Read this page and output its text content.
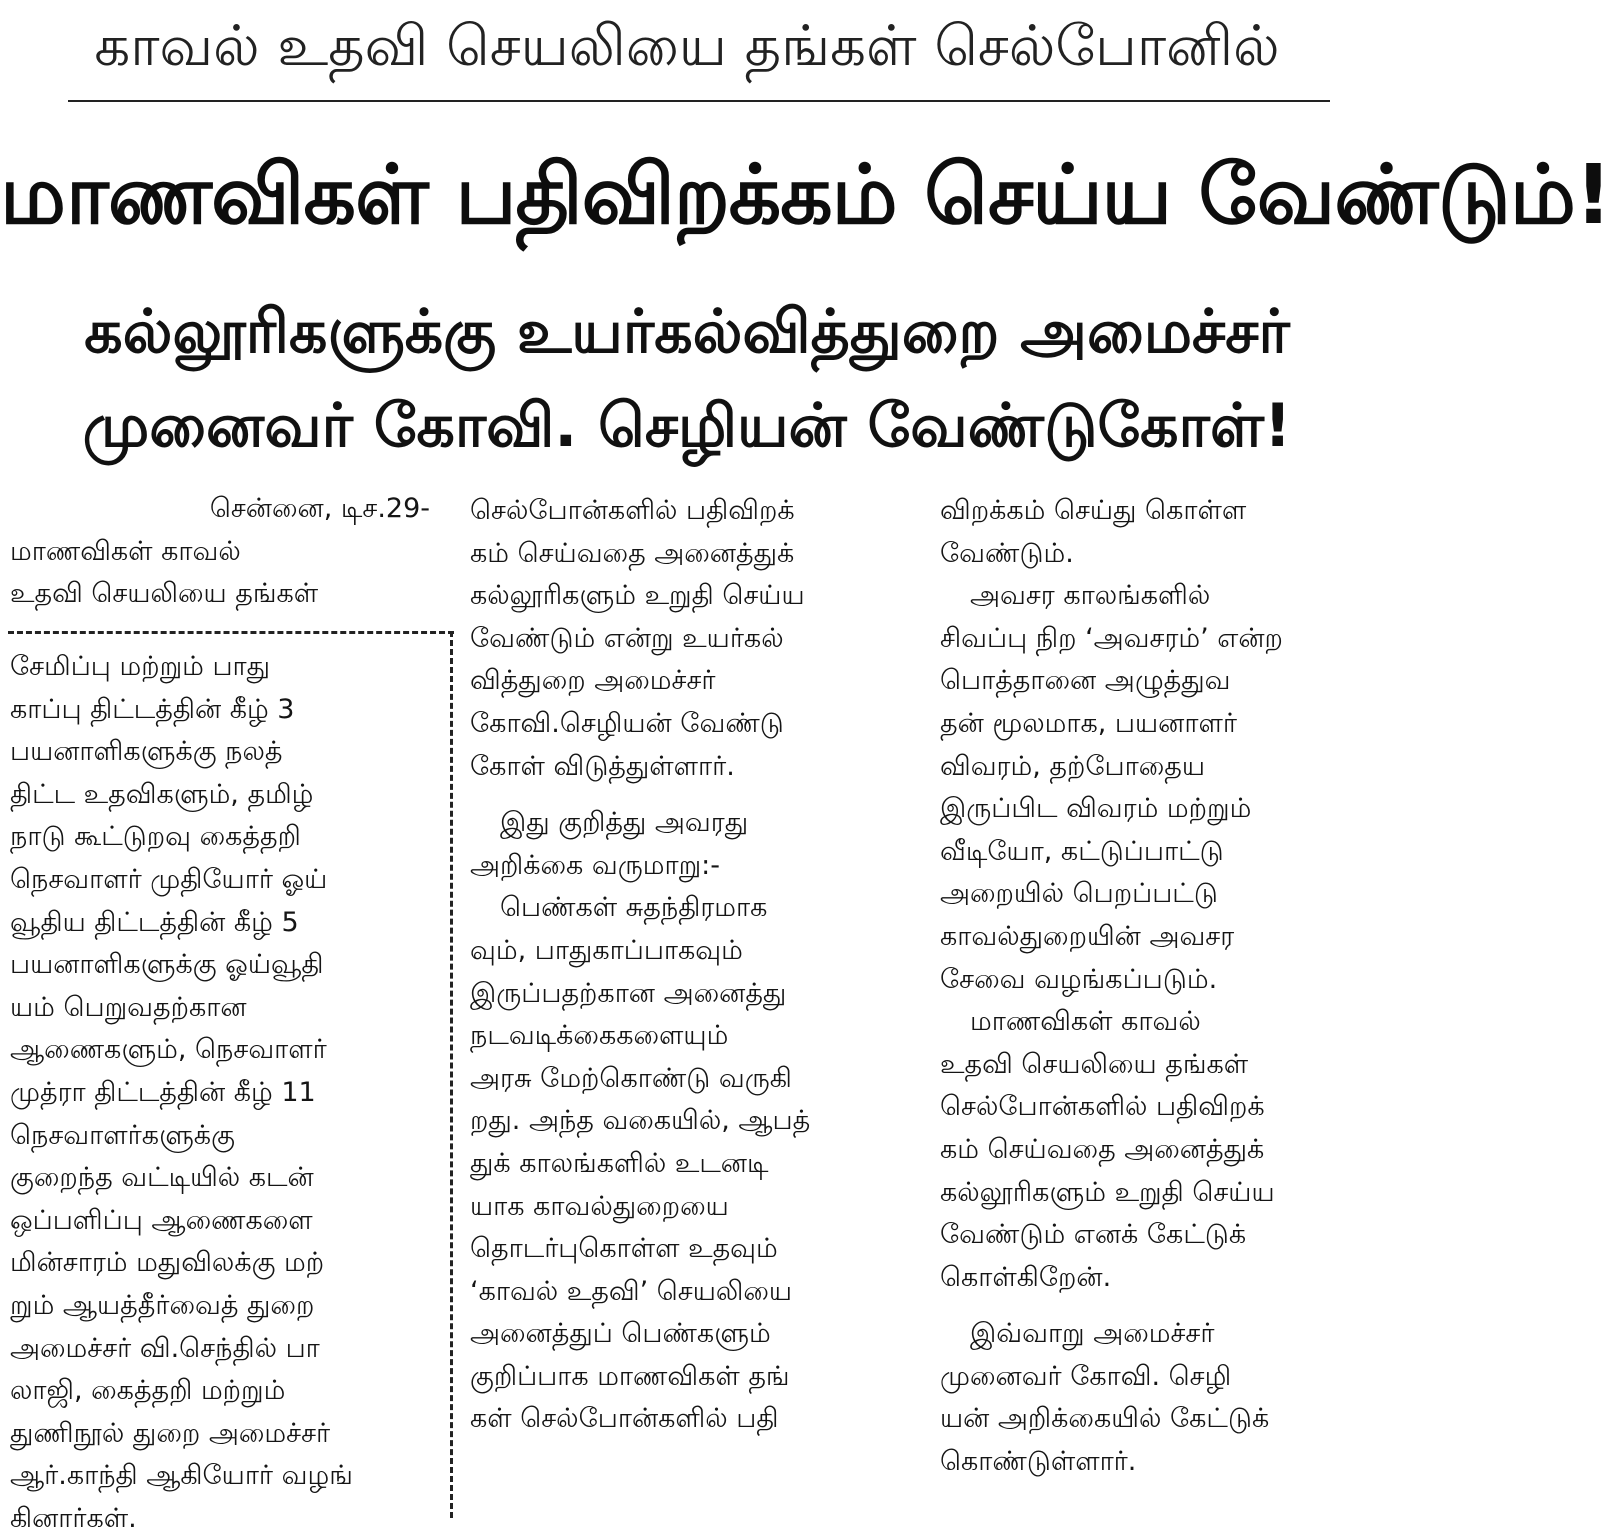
காவல் உதவி செயலியை தங்கள் செல்போனில்
மாணவிகள் பதிவிறக்கம் செய்ய வேண்டும்!
கல்லூரிகளுக்கு உயர்கல்வித்துறை அமைச்சர்
முனைவர் கோவி. செழியன் வேண்டுகோள்!

சென்னை, டிச.29-

மாணவிகள் காவல்

உதவி செயலியை தங்கள்

சேமிப்பு மற்றும் பாது

காப்பு திட்டத்தின் கீழ் 3

பயனாளிகளுக்கு நலத்

திட்ட உதவிகளும், தமிழ்

நாடு கூட்டுறவு கைத்தறி

நெசவாளர் முதியோர் ஓய்

வூதிய திட்டத்தின் கீழ் 5

பயனாளிகளுக்கு ஓய்வூதி

யம் பெறுவதற்கான

ஆணைகளும், நெசவாளர்

முத்ரா திட்டத்தின் கீழ் 11

நெசவாளர்களுக்கு

குறைந்த வட்டியில் கடன்

ஒப்பளிப்பு ஆணைகளை

மின்சாரம் மதுவிலக்கு மற்

றும் ஆயத்தீர்வைத் துறை

அமைச்சர் வி.செந்தில் பா

லாஜி, கைத்தறி மற்றும்

துணிநூல் துறை அமைச்சர்

ஆர்.காந்தி ஆகியோர் வழங்

கினார்கள்.

செல்போன்களில் பதிவிறக்

கம் செய்வதை அனைத்துக்

கல்லூரிகளும் உறுதி செய்ய

வேண்டும் என்று உயர்கல்

வித்துறை அமைச்சர்

கோவி.செழியன் வேண்டு

கோள் விடுத்துள்ளார்.

இது குறித்து அவரது

அறிக்கை வருமாறு:-

பெண்கள் சுதந்திரமாக

வும், பாதுகாப்பாகவும்

இருப்பதற்கான அனைத்து

நடவடிக்கைகளையும்

அரசு மேற்கொண்டு வருகி

றது. அந்த வகையில், ஆபத்

துக் காலங்களில் உடனடி

யாக காவல்துறையை

தொடர்புகொள்ள உதவும்

‘காவல் உதவி’ செயலியை

அனைத்துப் பெண்களும்

குறிப்பாக மாணவிகள் தங்

கள் செல்போன்களில் பதி

விறக்கம் செய்து கொள்ள

வேண்டும்.

அவசர காலங்களில்

சிவப்பு நிற ‘அவசரம்’ என்ற

பொத்தானை அழுத்துவ

தன் மூலமாக, பயனாளர்

விவரம், தற்போதைய

இருப்பிட விவரம் மற்றும்

வீடியோ, கட்டுப்பாட்டு

அறையில் பெறப்பட்டு

காவல்துறையின் அவசர

சேவை வழங்கப்படும்.

மாணவிகள் காவல்

உதவி செயலியை தங்கள்

செல்போன்களில் பதிவிறக்

கம் செய்வதை அனைத்துக்

கல்லூரிகளும் உறுதி செய்ய

வேண்டும் எனக் கேட்டுக்

கொள்கிறேன்.

இவ்வாறு அமைச்சர்

முனைவர் கோவி. செழி

யன் அறிக்கையில் கேட்டுக்

கொண்டுள்ளார்.
